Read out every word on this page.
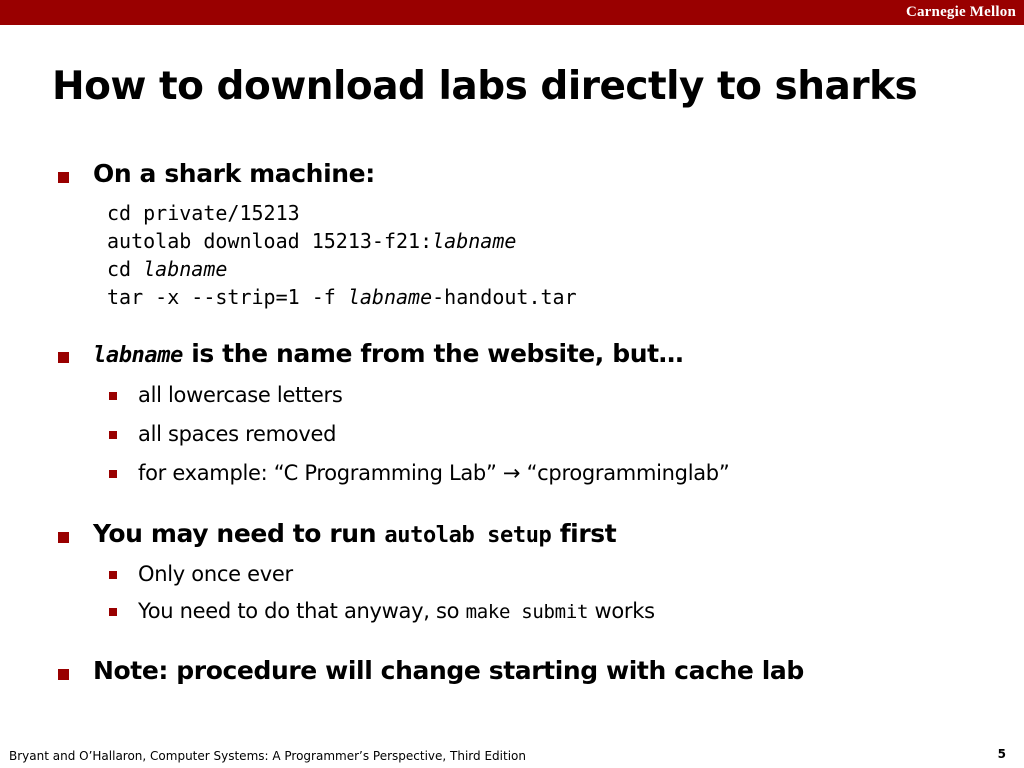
Carnegie Mellon
How to download labs directly to sharks
On a shark machine:
cd private/15213
autolab download 15213-f21:labname
cd labname
tar -x --strip=1 -f labname-handout.tar
labname is the name from the website, but…
all lowercase letters
all spaces removed
for example: “C Programming Lab” → “cprogramminglab”
You may need to run autolab setup first
Only once ever
You need to do that anyway, so make submit works
Note: procedure will change starting with cache lab
Bryant and O’Hallaron, Computer Systems: A Programmer’s Perspective, Third Edition	5
